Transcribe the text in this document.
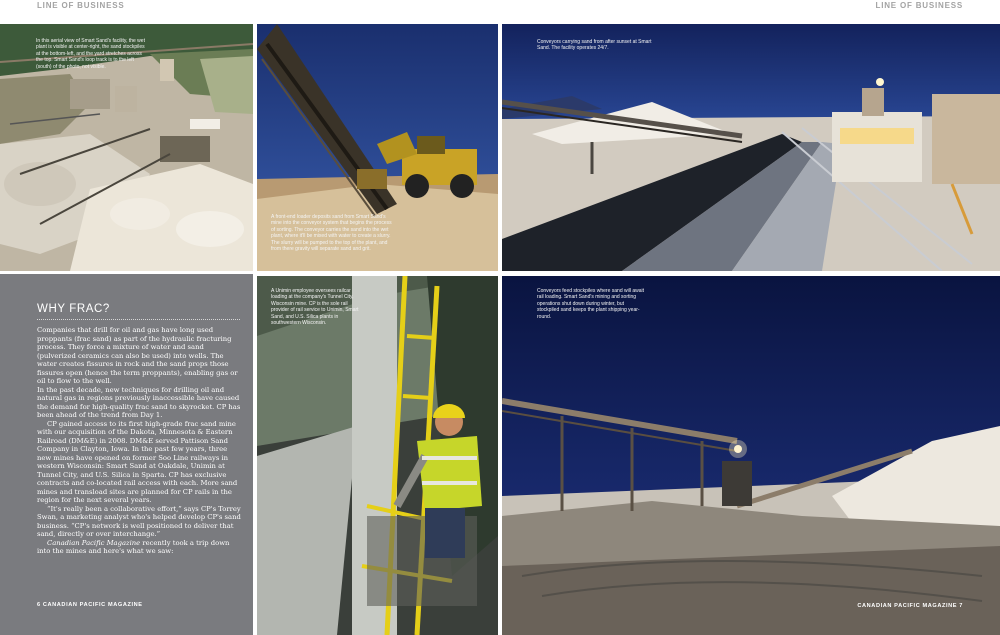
LINE OF BUSINESS	LINE OF BUSINESS
In this aerial view of Smart Sand's facility, the wet plant is visible at center-right, the sand stockpiles at the bottom-left, and the yard stretches across the top. Smart Sand's loop track is to the left (south) of the photo, not visible.
A front-end loader deposits sand from Smart Sand's mine into the conveyor system that begins the process of sorting. The conveyor carries the sand into the wet plant, where it'll be mixed with water to create a slurry. The slurry will be pumped to the top of the plant, and from there gravity will separate sand and grit.
Conveyors carrying sand from after sunset at Smart Sand. The facility operates 24/7.
WHY FRAC?

Companies that drill for oil and gas have long used proppants (frac sand) as part of the hydraulic fracturing process. They force a mixture of water and sand (pulverized ceramics can also be used) into wells. The water creates fissures in rock and the sand props those fissures open (hence the term proppants), enabling gas or oil to flow to the well.

In the past decade, new techniques for drilling oil and natural gas in regions previously inaccessible have caused the demand for high-quality frac sand to skyrocket. CP has been ahead of the trend from Day 1.

CP gained access to its first high-grade frac sand mine with our acquisition of the Dakota, Minnesota & Eastern Railroad (DM&E) in 2008. DM&E served Pattison Sand Company in Clayton, Iowa. In the past few years, three new mines have opened on former Soo Line railways in western Wisconsin: Smart Sand at Oakdale, Unimin at Tunnel City, and U.S. Silica in Sparta. CP has exclusive contracts and co-located rail access with each. More sand mines and transload sites are planned for CP rails in the region for the next several years.

“It's really been a collaborative effort,” says CP's Torrey Swan, a marketing analyst who's helped develop CP's sand business. “CP's network is well positioned to deliver that sand, directly or over interchange.”

Canadian Pacific Magazine recently took a trip down into the mines and here's what we saw:

6 CANADIAN PACIFIC MAGAZINE
A Unimin employee oversees railcar loading at the company's Tunnel City, Wisconsin mine. CP is the sole rail provider of rail service to Unimin, Smart Sand, and U.S. Silica plants in southwestern Wisconsin.
Conveyors feed stockpiles where sand will await rail loading. Smart Sand's mining and sorting operations shut down during winter, but stockpiled sand keeps the plant shipping year-round.
CANADIAN PACIFIC MAGAZINE 7
